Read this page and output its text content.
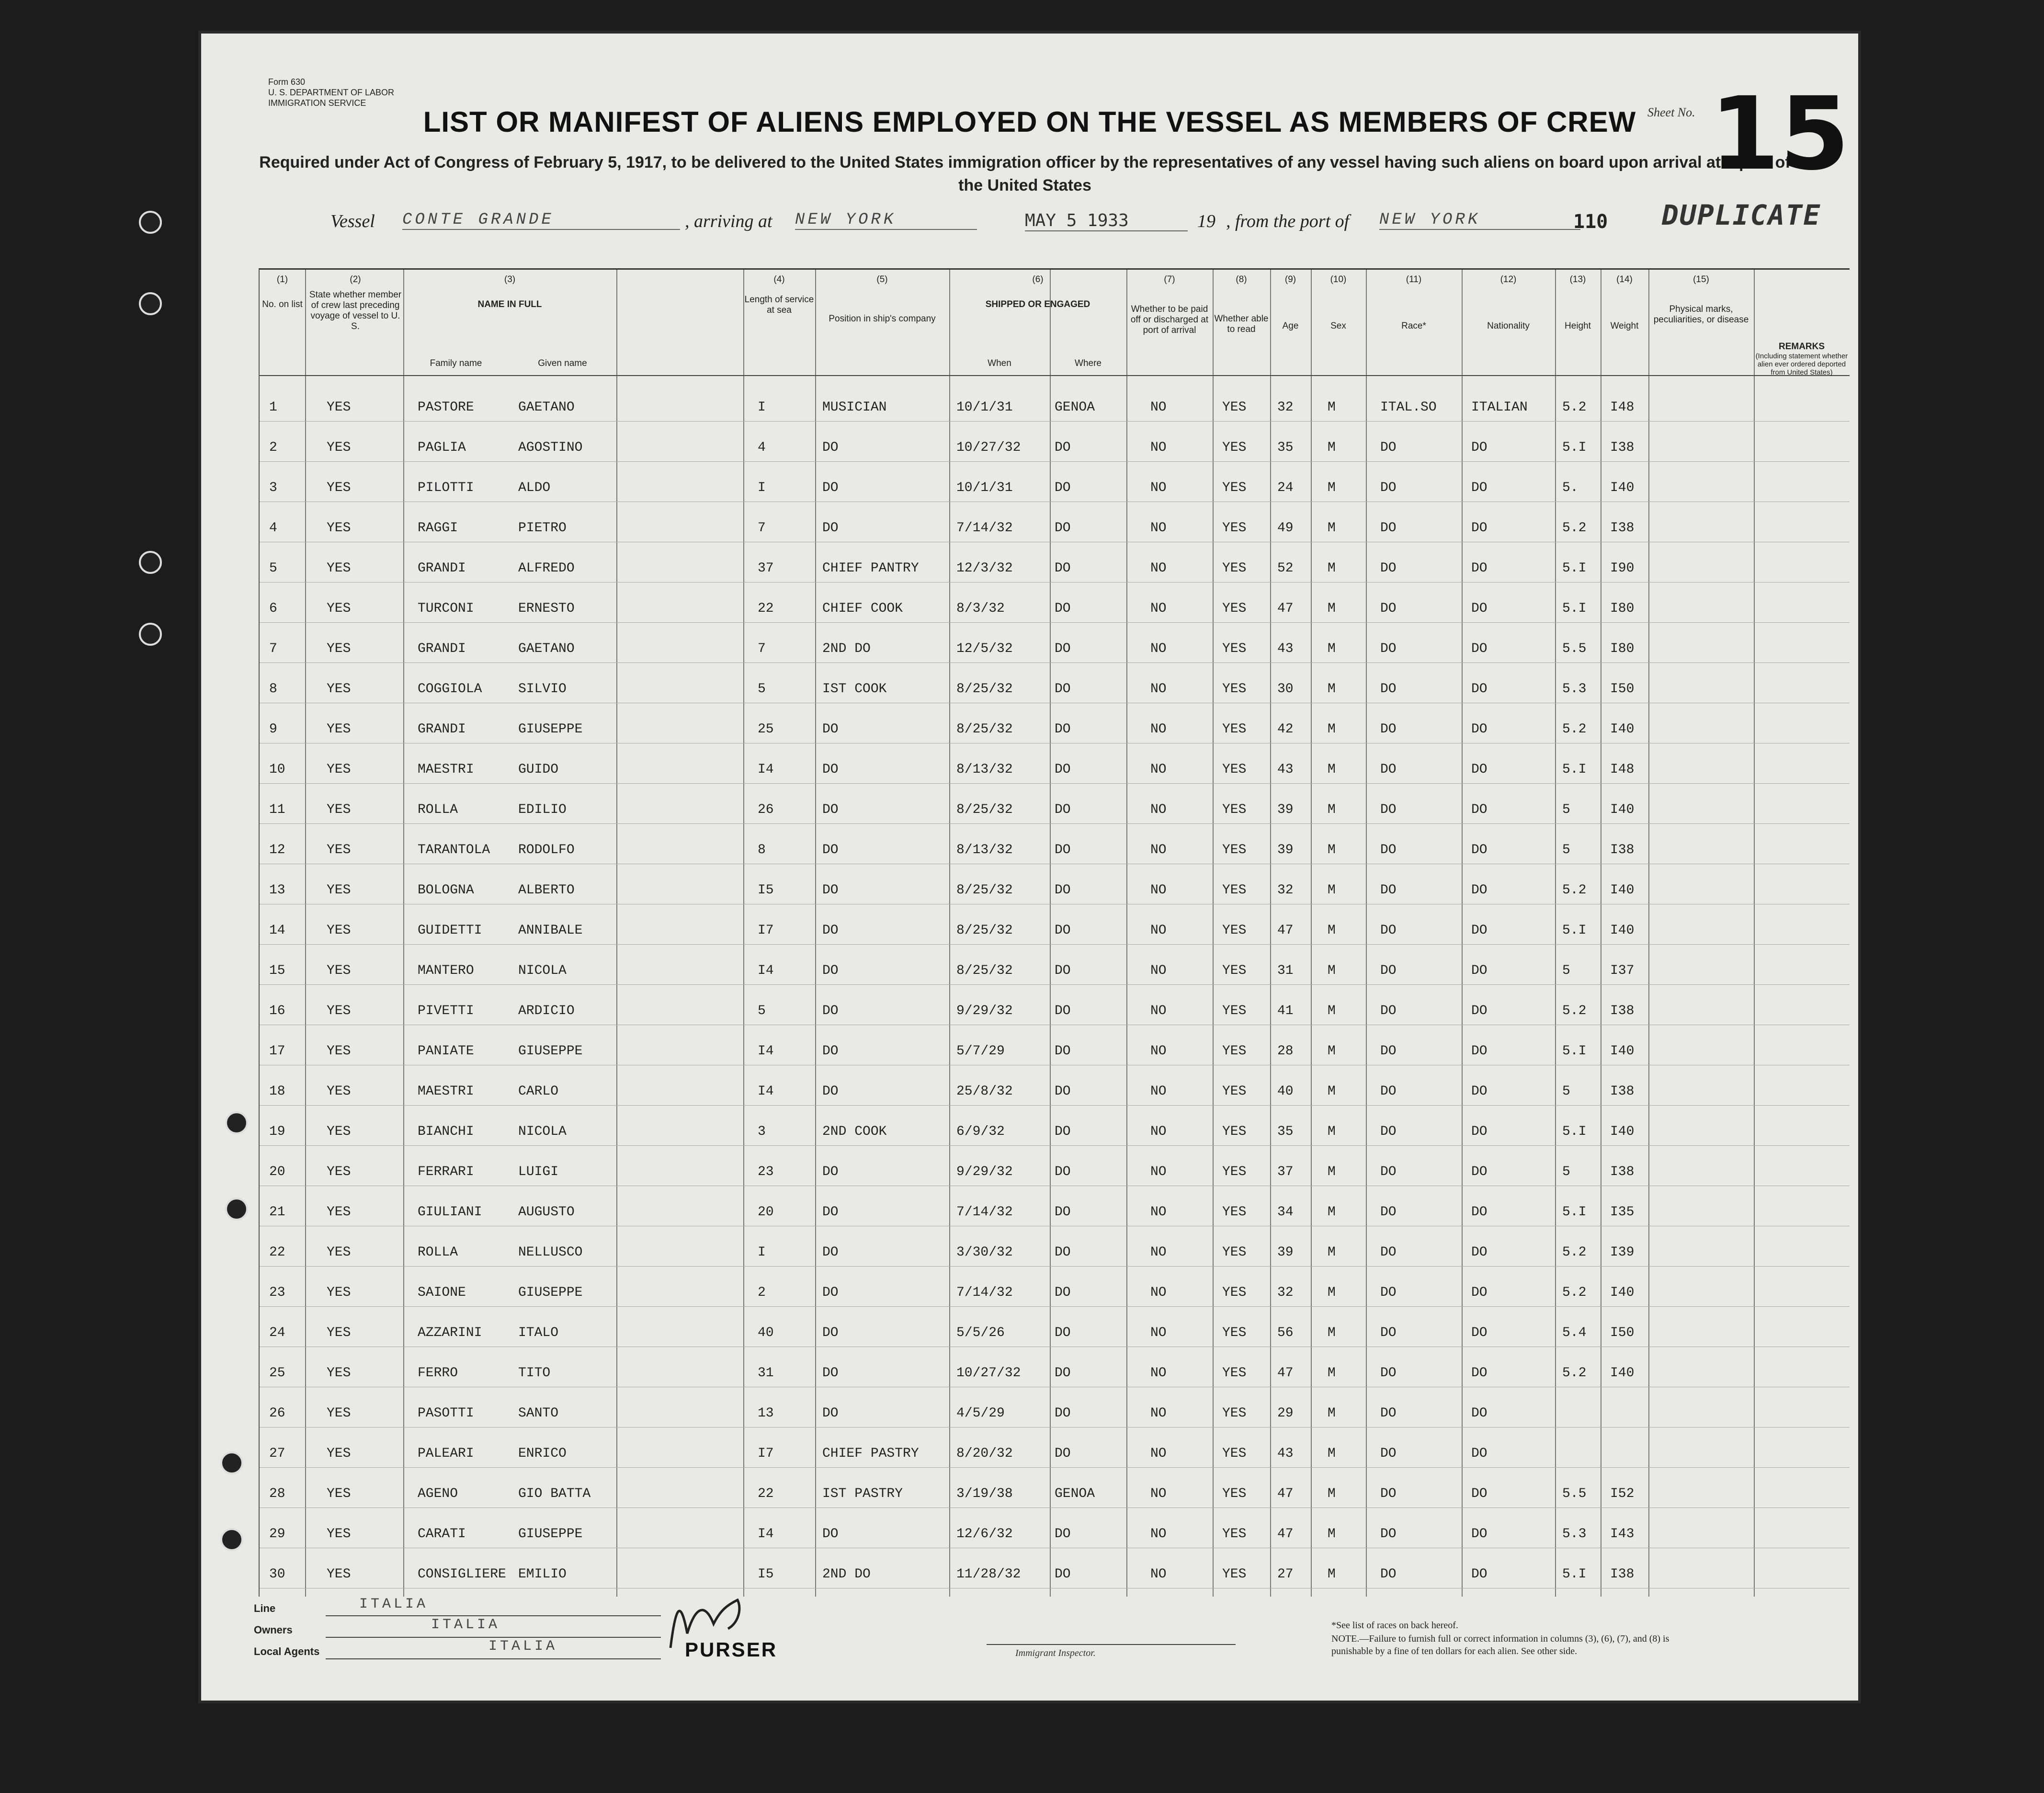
Form 630
U. S. DEPARTMENT OF LABOR
IMMIGRATION SERVICE
LIST OR MANIFEST OF ALIENS EMPLOYED ON THE VESSEL AS MEMBERS OF CREW
Required under Act of Congress of February 5, 1917, to be delivered to the United States immigration officer by the representatives of any vessel having such aliens on board upon arrival at a port of the United States
Sheet No. 15
DUPLICATE
Vessel CONTE GRANDE	, arriving at NEW YORK	MAY 5 1933	19 , from the port of NEW YORK	110
(1)
No. on list
(2)
State whether member of crew last preceding voyage of vessel to U. S.
(3)
NAME IN FULL
Family name	Given name
(4)
Length of service at sea
(5)
Position in ship's company
(6)
SHIPPED OR ENGAGED
When	Where
(7)
Whether to be paid off or discharged at port of arrival
(8)
Whether able to read
(9)
Age
(10)
Sex
(11)
Race*
(12)
Nationality
(13)
Height
(14)
Weight
(15)
Physical marks, peculiarities, or disease
REMARKS
(Including statement whether alien ever ordered deported from United States)
1	YES	PASTORE	GAETANO	I	MUSICIAN	10/1/31	GENOA	NO	YES 32	M	ITAL.SO	ITALIAN	5.2 I48
2	YES	PAGLIA	AGOSTINO	4	DO	10/27/32	DO	NO	YES 35	M	DO	DO	5.I I38
3	YES	PILOTTI	ALDO	I	DO	10/1/31	DO	NO	YES 24	M	DO	DO	5. I40
4	YES	RAGGI	PIETRO	7	DO	7/14/32	DO	NO	YES 49	M	DO	DO	5.2 I38
5	YES	GRANDI	ALFREDO	37	CHIEF PANTRY	12/3/32	DO	NO	YES 52	M	DO	DO	5.I I90
6	YES	TURCONI	ERNESTO	22	CHIEF COOK	8/3/32	DO	NO	YES 47	M	DO	DO	5.I I80
7	YES	GRANDI	GAETANO	7	2ND DO	12/5/32	DO	NO	YES 43	M	DO	DO	5.5 I80
8	YES	COGGIOLA	SILVIO	5	IST COOK	8/25/32	DO	NO	YES 30	M	DO	DO	5.3 I50
9	YES	GRANDI	GIUSEPPE	25	DO	8/25/32	DO	NO	YES 42	M	DO	DO	5.2 I40
10	YES	MAESTRI	GUIDO	I4	DO	8/13/32	DO	NO	YES 43	M	DO	DO	5.I I48
11	YES	ROLLA	EDILIO	26	DO	8/25/32	DO	NO	YES 39	M	DO	DO	5	I40
12	YES	TARANTOLA RODOLFO	8	DO	8/13/32	DO	NO	YES 39	M	DO	DO	5	I38
13	YES	BOLOGNA	ALBERTO	I5	DO	8/25/32	DO	NO	YES 32	M	DO	DO	5.2 I40
14	YES	GUIDETTI	ANNIBALE	I7	DO	8/25/32	DO	NO	YES 47	M	DO	DO	5.I I40
15	YES	MANTERO	NICOLA	I4	DO	8/25/32	DO	NO	YES 31	M	DO	DO	5	I37
16	YES	PIVETTI	ARDICIO	5	DO	9/29/32	DO	NO	YES 41	M	DO	DO	5.2 I38
17	YES	PANIATE	GIUSEPPE	I4	DO	5/7/29	DO	NO	YES 28	M	DO	DO	5.I I40
18	YES	MAESTRI	CARLO	I4	DO	25/8/32	DO	NO	YES 40	M	DO	DO	5	I38
19	YES	BIANCHI	NICOLA	3	2ND COOK	6/9/32	DO	NO	YES 35	M	DO	DO	5.I I40
20	YES	FERRARI	LUIGI	23	DO	9/29/32	DO	NO	YES 37	M	DO	DO	5	I38
21	YES	GIULIANI	AUGUSTO	20	DO	7/14/32	DO	NO	YES 34	M	DO	DO	5.I I35
22	YES	ROLLA	NELLUSCO	I	DO	3/30/32	DO	NO	YES 39	M	DO	DO	5.2 I39
23	YES	SAIONE	GIUSEPPE	2	DO	7/14/32	DO	NO	YES 32	M	DO	DO	5.2 I40
24	YES	AZZARINI	ITALO	40	DO	5/5/26	DO	NO	YES 56	M	DO	DO	5.4 I50
25	YES	FERRO	TITO	31	DO	10/27/32	DO	NO	YES 47	M	DO	DO	5.2 I40
26	YES	PASOTTI	SANTO	13	DO	4/5/29	DO	NO	YES 29	M	DO	DO
27	YES	PALEARI	ENRICO	I7	CHIEF PASTRY	8/20/32	DO	NO	YES 43	M	DO	DO
28	YES	AGENO	GIO BATTA	22	IST PASTRY	3/19/38	GENOA	NO	YES 47	M	DO	DO	5.5 I52
29	YES	CARATI	GIUSEPPE	I4	DO	12/6/32	DO	NO	YES 47	M	DO	DO	5.3 I43
30	YES	CONSIGLIERE EMILIO	I5	2ND DO	11/28/32	DO	NO	YES 27	M	DO	DO	5.I I38
Line	ITALIA
Owners	ITALIA
Local Agents	ITALIA	PURSER	Immigrant Inspector.
*See list of races on back hereof.
NOTE.—Failure to furnish full or correct information in columns (3), (6), (7), and (8) is punishable by a fine of ten dollars for each alien. See other side.
